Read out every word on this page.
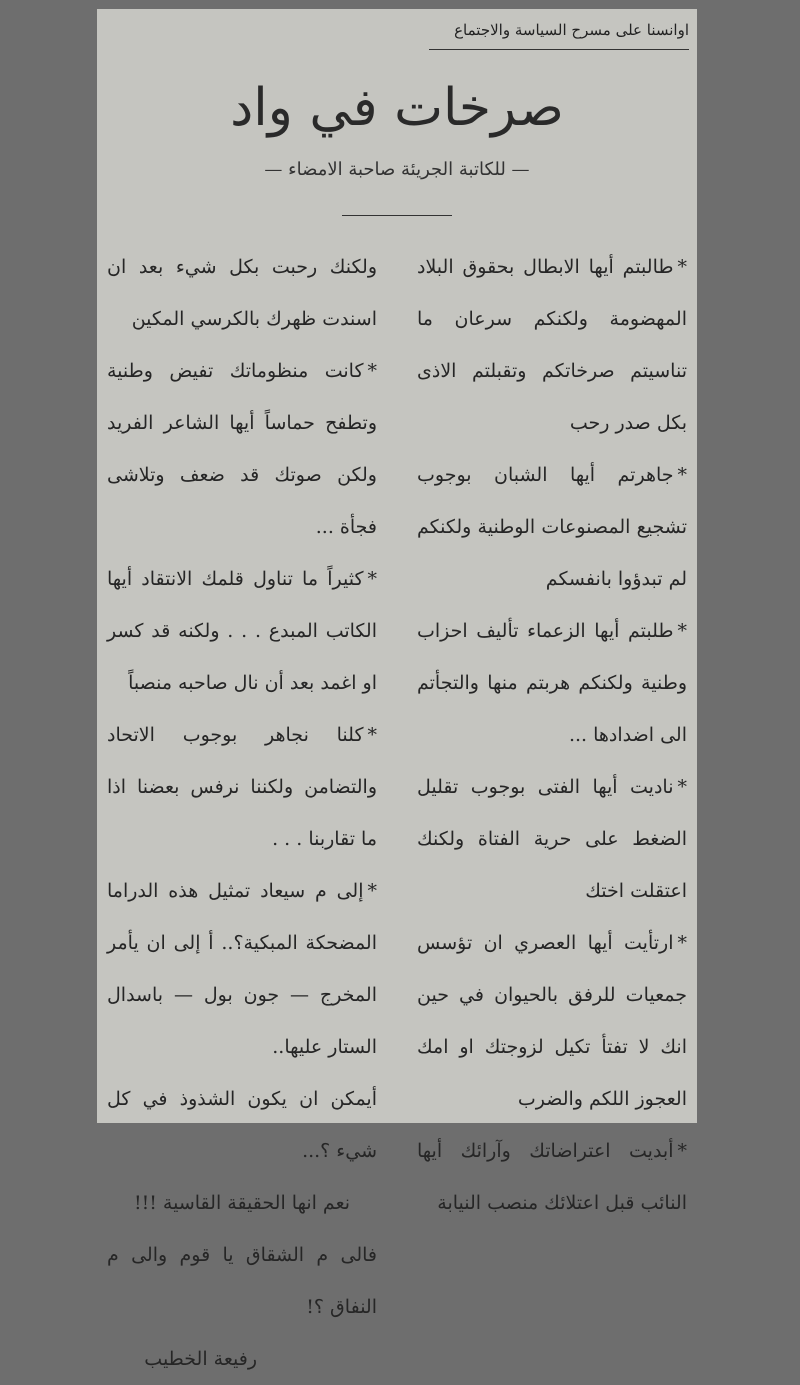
اوانسنا على مسرح السياسة والاجتماع
صرخات في واد
— للكاتبة الجريئة صاحبة الامضاء —

*طالبتم أيها الابطال بحقوق البلاد المهضومة ولكنكم سرعان ما تناسيتم صرخاتكم وتقبلتم الاذى بكل صدر رحب

*جاهرتم أيها الشبان بوجوب تشجيع المصنوعات الوطنية ولكنكم لم تبدؤوا بانفسكم

*طلبتم أيها الزعماء تأليف احزاب وطنية ولكنكم هربتم منها والتجأتم الى اضدادها ...

*ناديت أيها الفتى بوجوب تقليل الضغط على حرية الفتاة ولكنك اعتقلت اختك

*ارتأيت أيها العصري ان تؤسس جمعيات للرفق بالحيوان في حين انك لا تفتأ تكيل لزوجتك او امك العجوز اللكم والضرب

*أبديت اعتراضاتك وآرائك أيها النائب قبل اعتلائك منصب النيابة

ولكنك رحبت بكل شيء بعد ان اسندت ظهرك بالكرسي المكين

*كانت منظوماتك تفيض وطنية وتطفح حماساً أيها الشاعر الفريد ولكن صوتك قد ضعف وتلاشى فجأة ...

*كثيراً ما تناول قلمك الانتقاد أيها الكاتب المبدع . . . ولكنه قد كسر او اغمد بعد أن نال صاحبه منصباً

*كلنا نجاهر بوجوب الاتحاد والتضامن ولكننا نرفس بعضنا اذا ما تقاربنا . . .

*إلى م سيعاد تمثيل هذه الدراما المضحكة المبكية؟.. أ إلى ان يأمر المخرج — جون بول — باسدال الستار عليها..

أيمكن ان يكون الشذوذ في كل شيء ؟...

نعم انها الحقيقة القاسية !!!

فالى م الشقاق يا قوم والى م النفاق ؟!

رفيعة الخطيب
